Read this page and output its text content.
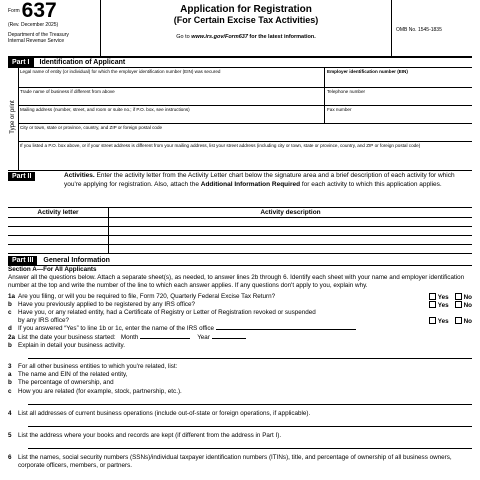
$^{Form}$637
(Rev. December 2025)
Department of the Treasury
Internal Revenue Service
Application for Registration
(For Certain Excise Tax Activities)
Go to www.irs.gov/Form637 for the latest information.
OMB No. 1545-1835
Part I Identification of Applicant
Type or print
Legal name of entity (or individual) for which the employer identification number (EIN) was secured	Employer identification number (EIN)
Trade name of business if different from above	Telephone number
Mailing address (number, street, and room or suite no.; if P.O. box, see instructions)	Fax number
City or town, state or province, country, and ZIP or foreign postal code
If you listed a P.O. box above, or if your street address is different from your mailing address, list your street address (including city or town, state or province, country, and ZIP or foreign postal code)
Part II	Activities. Enter the activity letter from the Activity Letter chart below the signature area and a brief description of each activity for which you're applying for registration. Also, attach the Additional Information Required for each activity to which this application applies.
Activity letter	Activity description
Part III General Information
Section A—For All Applicants
Answer all the questions below. Attach a separate sheet(s), as needed, to answer lines 2b through 6. Identify each sheet with your name and employer identification number at the top and write the number of the line to which each answer applies. If any questions don't apply to you, explain why.
1a Are you filing, or will you be required to file, Form 720, Quarterly Federal Excise Tax Return?	Yes No
b Have you previously applied to be registered by any IRS office?	Yes No
c	Have you, or any related entity, had a Certificate of Registry or Letter of Registration revoked or suspended
by any IRS office?	Yes No
d If you answered “Yes” to line 1b or 1c, enter the name of the IRS office
2a List the date your business started: Month	Year
b Explain in detail your business activity.
3	For all other business entities to which you're related, list:
a	The name and EIN of the related entity,
b The percentage of ownership, and
c	How you are related (for example, stock, partnership, etc.).
4	List all addresses of current business operations (include out-of-state or foreign operations, if applicable).
5	List the address where your books and records are kept (if different from the address in Part I).
6	List the names, social security numbers (SSNs)/individual taxpayer identification numbers (ITINs), title, and percentage of ownership of all business owners, corporate officers, members, or partners.
